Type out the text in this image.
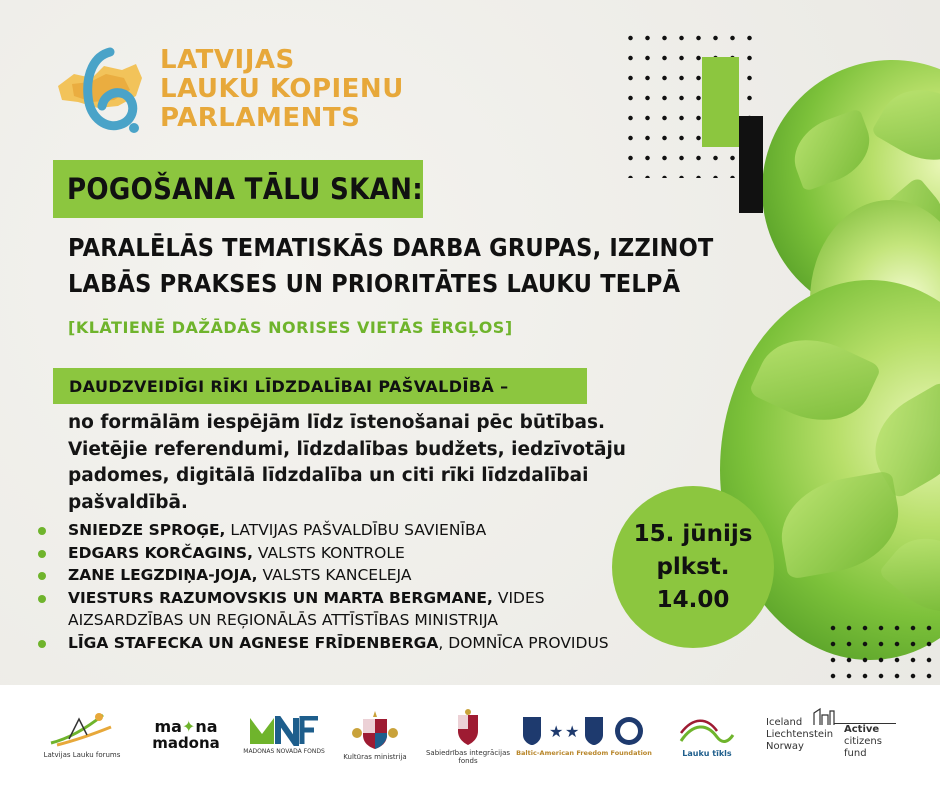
LATVIJAS
LAUKU KOPIENU
PARLAMENTS
POGOŠANA TĀLU SKAN:
PARALĒLĀS TEMATISKĀS DARBA GRUPAS, IZZINOT
LABĀS PRAKSES UN PRIORITĀTES LAUKU TELPĀ
[KLĀTIENĒ DAŽĀDĀS NORISES VIETĀS ĒRGĻOS]
DAUDZVEIDĪGI RĪKI LĪDZDALĪBAI PAŠVALDĪBĀ –
no formālām iespējām līdz īstenošanai pēc būtības.
Vietējie referendumi, līdzdalības budžets, iedzīvotāju
padomes, digitālā līdzdalība un citi rīki līdzdalībai
pašvaldībā.
SNIEDZE SPROĢE, LATVIJAS PAŠVALDĪBU SAVIENĪBA
EDGARS KORČAGINS, VALSTS KONTROLE
ZANE LEGZDIŅA-JOJA, VALSTS KANCELEJA
VIESTURS RAZUMOVSKIS UN MARTA BERGMANE, VIDES
AIZSARDZĪBAS UN REĢIONĀLĀS ATTĪSTĪBAS MINISTRIJA
LĪGA STAFECKA UN AGNESE FRĪDENBERGA, DOMNĪCA PROVIDUS
15. jūnijs
plkst.
14.00
Latvijas Lauku forums
ma✦na
madona	MADONAS NOVADA FONDS
Kultūras ministrija	Sabiedrības integrācijas
fonds
★ ★
Baltic-American Freedom Foundation	Lauku tīkls
Iceland
Liechtenstein
Norway
Active
citizens fund
